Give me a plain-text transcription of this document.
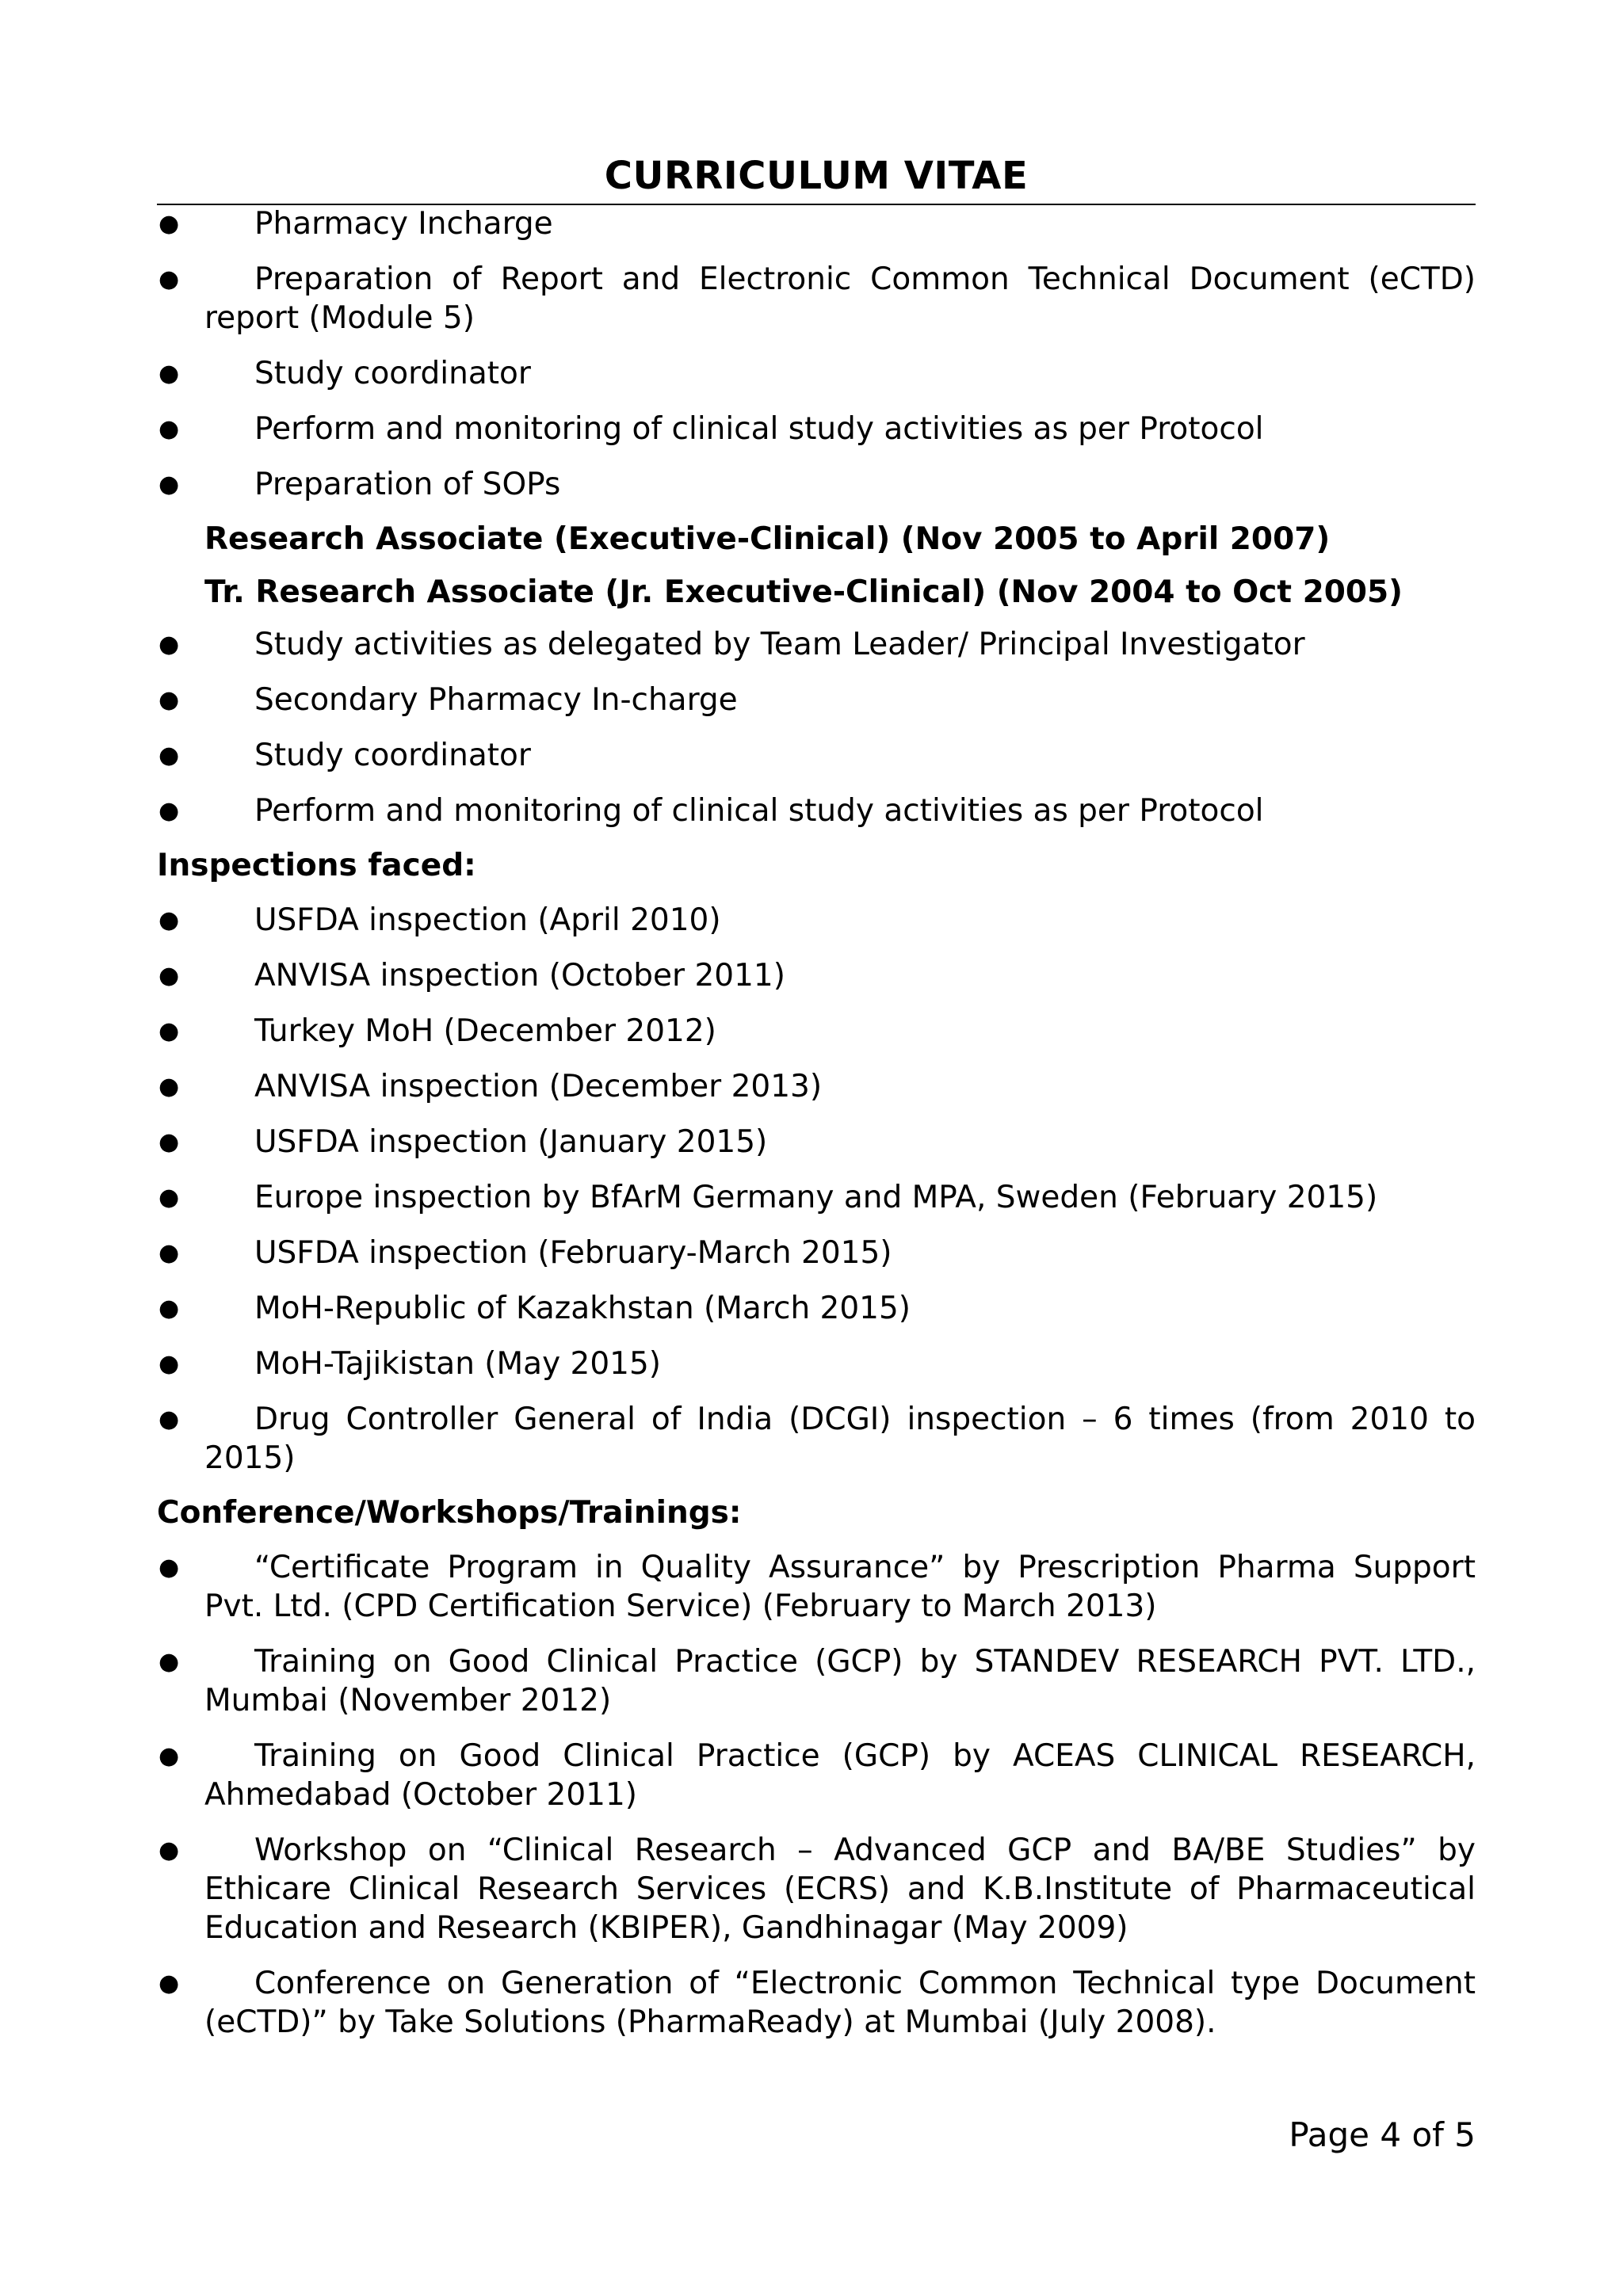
CURRICULUM VITAE
● Pharmacy Incharge
● Preparation of Report and Electronic Common Technical Document (eCTD) report (Module 5)
● Study coordinator
● Perform and monitoring of clinical study activities as per Protocol
● Preparation of SOPs
Research Associate (Executive-Clinical) (Nov 2005 to April 2007)
Tr. Research Associate (Jr. Executive-Clinical) (Nov 2004 to Oct 2005)
● Study activities as delegated by Team Leader/ Principal Investigator
● Secondary Pharmacy In-charge
● Study coordinator
● Perform and monitoring of clinical study activities as per Protocol
Inspections faced:
● USFDA inspection (April 2010)
● ANVISA inspection (October 2011)
● Turkey MoH (December 2012)
● ANVISA inspection (December 2013)
● USFDA inspection (January 2015)
● Europe inspection by BfArM Germany and MPA, Sweden (February 2015)
● USFDA inspection (February-March 2015)
● MoH-Republic of Kazakhstan (March 2015)
● MoH-Tajikistan (May 2015)
● Drug Controller General of India (DCGI) inspection – 6 times (from 2010 to 2015)
Conference/Workshops/Trainings:
● “Certificate Program in Quality Assurance” by Prescription Pharma Support Pvt. Ltd. (CPD Certification Service) (February to March 2013)
● Training on Good Clinical Practice (GCP) by STANDEV RESEARCH PVT. LTD., Mumbai (November 2012)
● Training on Good Clinical Practice (GCP) by ACEAS CLINICAL RESEARCH, Ahmedabad (October 2011)
● Workshop on “Clinical Research – Advanced GCP and BA/BE Studies” by Ethicare Clinical Research Services (ECRS) and K.B.Institute of Pharmaceutical Education and Research (KBIPER), Gandhinagar (May 2009)
● Conference on Generation of “Electronic Common Technical type Document (eCTD)” by Take Solutions (PharmaReady) at Mumbai (July 2008).
Page 4 of 5
